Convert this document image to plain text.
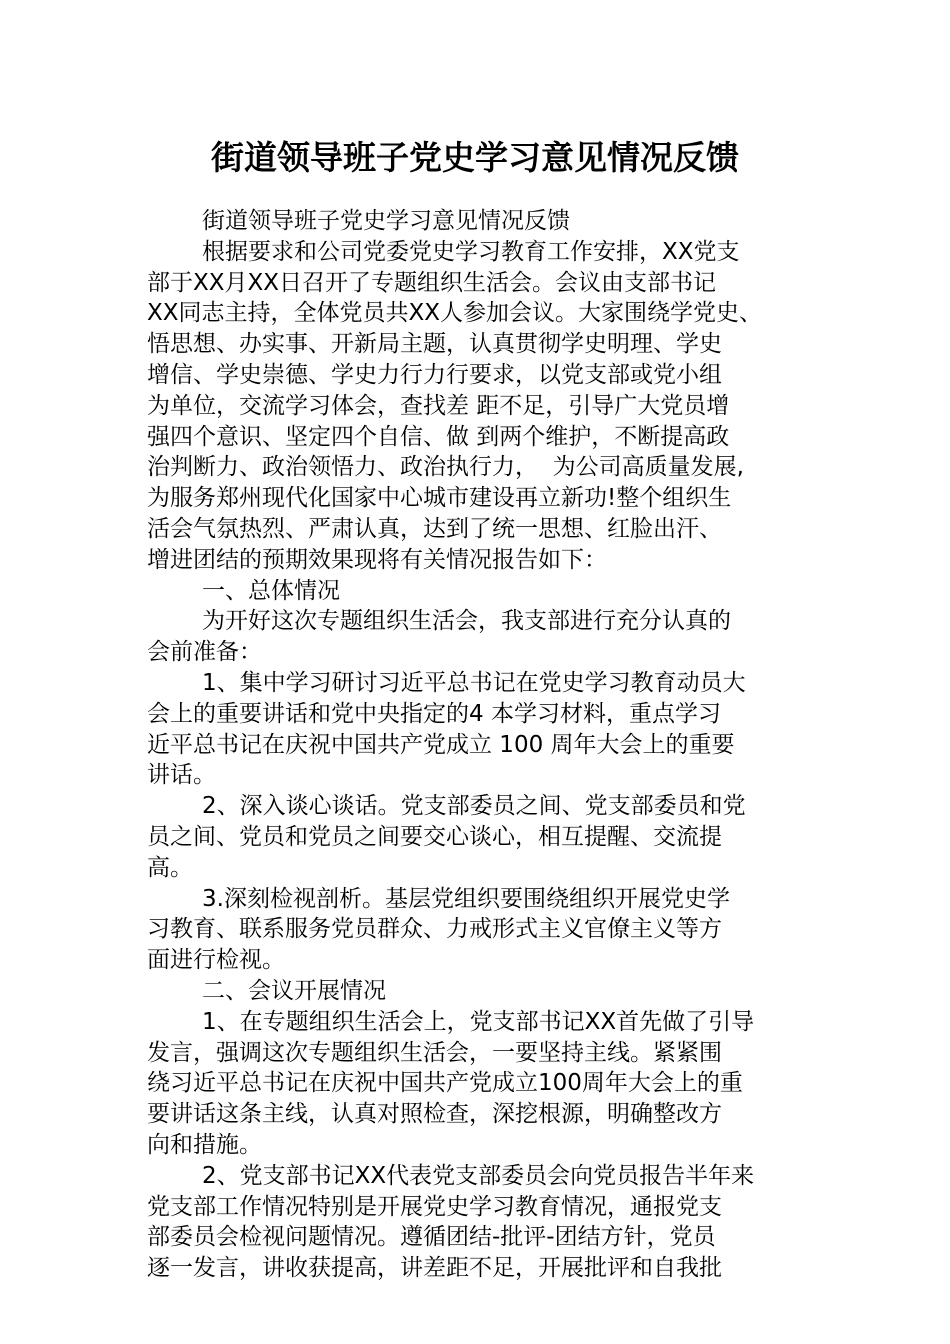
街道领导班子党史学习意见情况反馈
街道领导班子党史学习意见情况反馈
根据要求和公司党委党史学习教育工作安排，XX党支
部于XX月XX日召开了专题组织生活会。会议由支部书记
XX同志主持，全体党员共XX人参加会议。大家围绕学党史、
悟思想、办实事、开新局主题，认真贯彻学史明理、学史
增信、学史崇德、学史力行力行要求，以党支部或党小组
为单位，交流学习体会，查找差 距不足，引导广大党员增
强四个意识、坚定四个自信、做 到两个维护，不断提高政
治判断力、政治领悟力、政治执行力，  为公司高质量发展,
为服务郑州现代化国家中心城市建设再立新功!整个组织生
活会气氛热烈、严肃认真，达到了统一思想、红脸出汗、
增进团结的预期效果现将有关情况报告如下：
一、总体情况
为开好这次专题组织生活会，我支部进行充分认真的
会前准备：
1、集中学习研讨习近平总书记在党史学习教育动员大
会上的重要讲话和党中央指定的4 本学习材料，重点学习
近平总书记在庆祝中国共产党成立 100 周年大会上的重要
讲话。
2、深入谈心谈话。党支部委员之间、党支部委员和党
员之间、党员和党员之间要交心谈心，相互提醒、交流提
高。
3.深刻检视剖析。基层党组织要围绕组织开展党史学
习教育、联系服务党员群众、力戒形式主义官僚主义等方
面进行检视。
二、会议开展情况
1、在专题组织生活会上，党支部书记XX首先做了引导
发言，强调这次专题组织生活会，一要坚持主线。紧紧围
绕习近平总书记在庆祝中国共产党成立100周年大会上的重
要讲话这条主线，认真对照检查，深挖根源，明确整改方
向和措施。
2、党支部书记XX代表党支部委员会向党员报告半年来
党支部工作情况特别是开展党史学习教育情况，通报党支
部委员会检视问题情况。遵循团结-批评-团结方针，党员
逐一发言，讲收获提高，讲差距不足，开展批评和自我批
